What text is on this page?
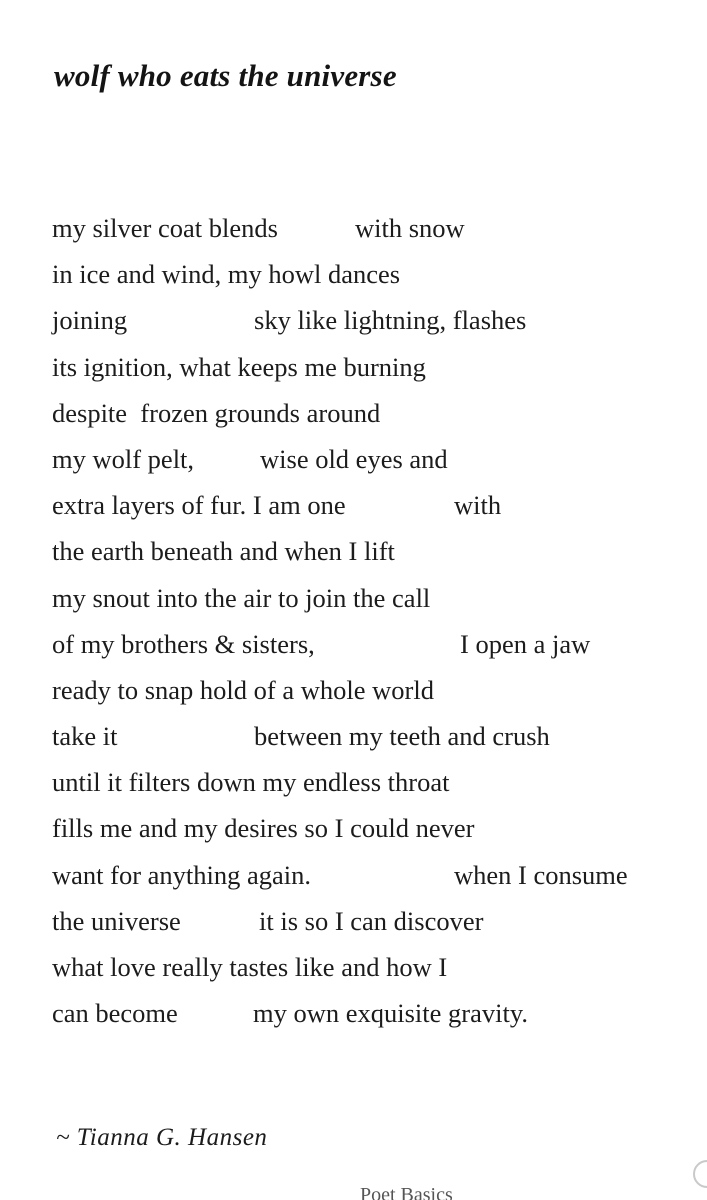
wolf who eats the universe
my silver coat blends	with snow
in ice and wind, my howl dances
joining	sky like lightning, flashes
its ignition, what keeps me burning
despite  frozen grounds around
my wolf pelt, wise old eyes and
extra layers of fur. I am one	with
the earth beneath and when I lift
my snout into the air to join the call
of my brothers & sisters,	I open a jaw
ready to snap hold of a whole world
take it	between my teeth and crush
until it filters down my endless throat
fills me and my desires so I could never
want for anything again.	when I consume
the universe	it is so I can discover
what love really tastes like and how I
can become	my own exquisite gravity.
~ Tianna G. Hansen
Poet Basics
